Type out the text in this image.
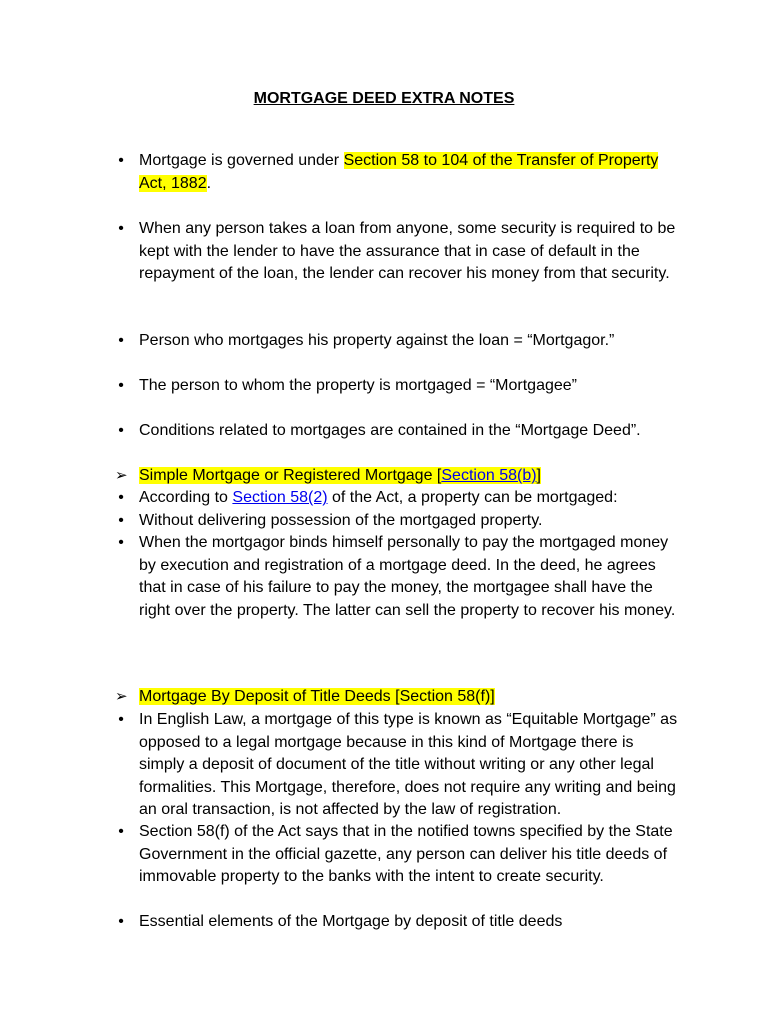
MORTGAGE DEED EXTRA NOTES
• Mortgage is governed under Section 58 to 104 of the Transfer of Property Act, 1882.
• When any person takes a loan from anyone, some security is required to be kept with the lender to have the assurance that in case of default in the repayment of the loan, the lender can recover his money from that security.
• Person who mortgages his property against the loan = “Mortgagor.”
• The person to whom the property is mortgaged = “Mortgagee”
• Conditions related to mortgages are contained in the “Mortgage Deed”.
➢ Simple Mortgage or Registered Mortgage [Section 58(b)]
• According to Section 58(2) of the Act, a property can be mortgaged:
• Without delivering possession of the mortgaged property.
• When the mortgagor binds himself personally to pay the mortgaged money by execution and registration of a mortgage deed. In the deed, he agrees that in case of his failure to pay the money, the mortgagee shall have the right over the property. The latter can sell the property to recover his money.
➢ Mortgage By Deposit of Title Deeds [Section 58(f)]
• In English Law, a mortgage of this type is known as “Equitable Mortgage” as opposed to a legal mortgage because in this kind of Mortgage there is simply a deposit of document of the title without writing or any other legal formalities. This Mortgage, therefore, does not require any writing and being an oral transaction, is not affected by the law of registration.
• Section 58(f) of the Act says that in the notified towns specified by the State Government in the official gazette, any person can deliver his title deeds of immovable property to the banks with the intent to create security.
• Essential elements of the Mortgage by deposit of title deeds
